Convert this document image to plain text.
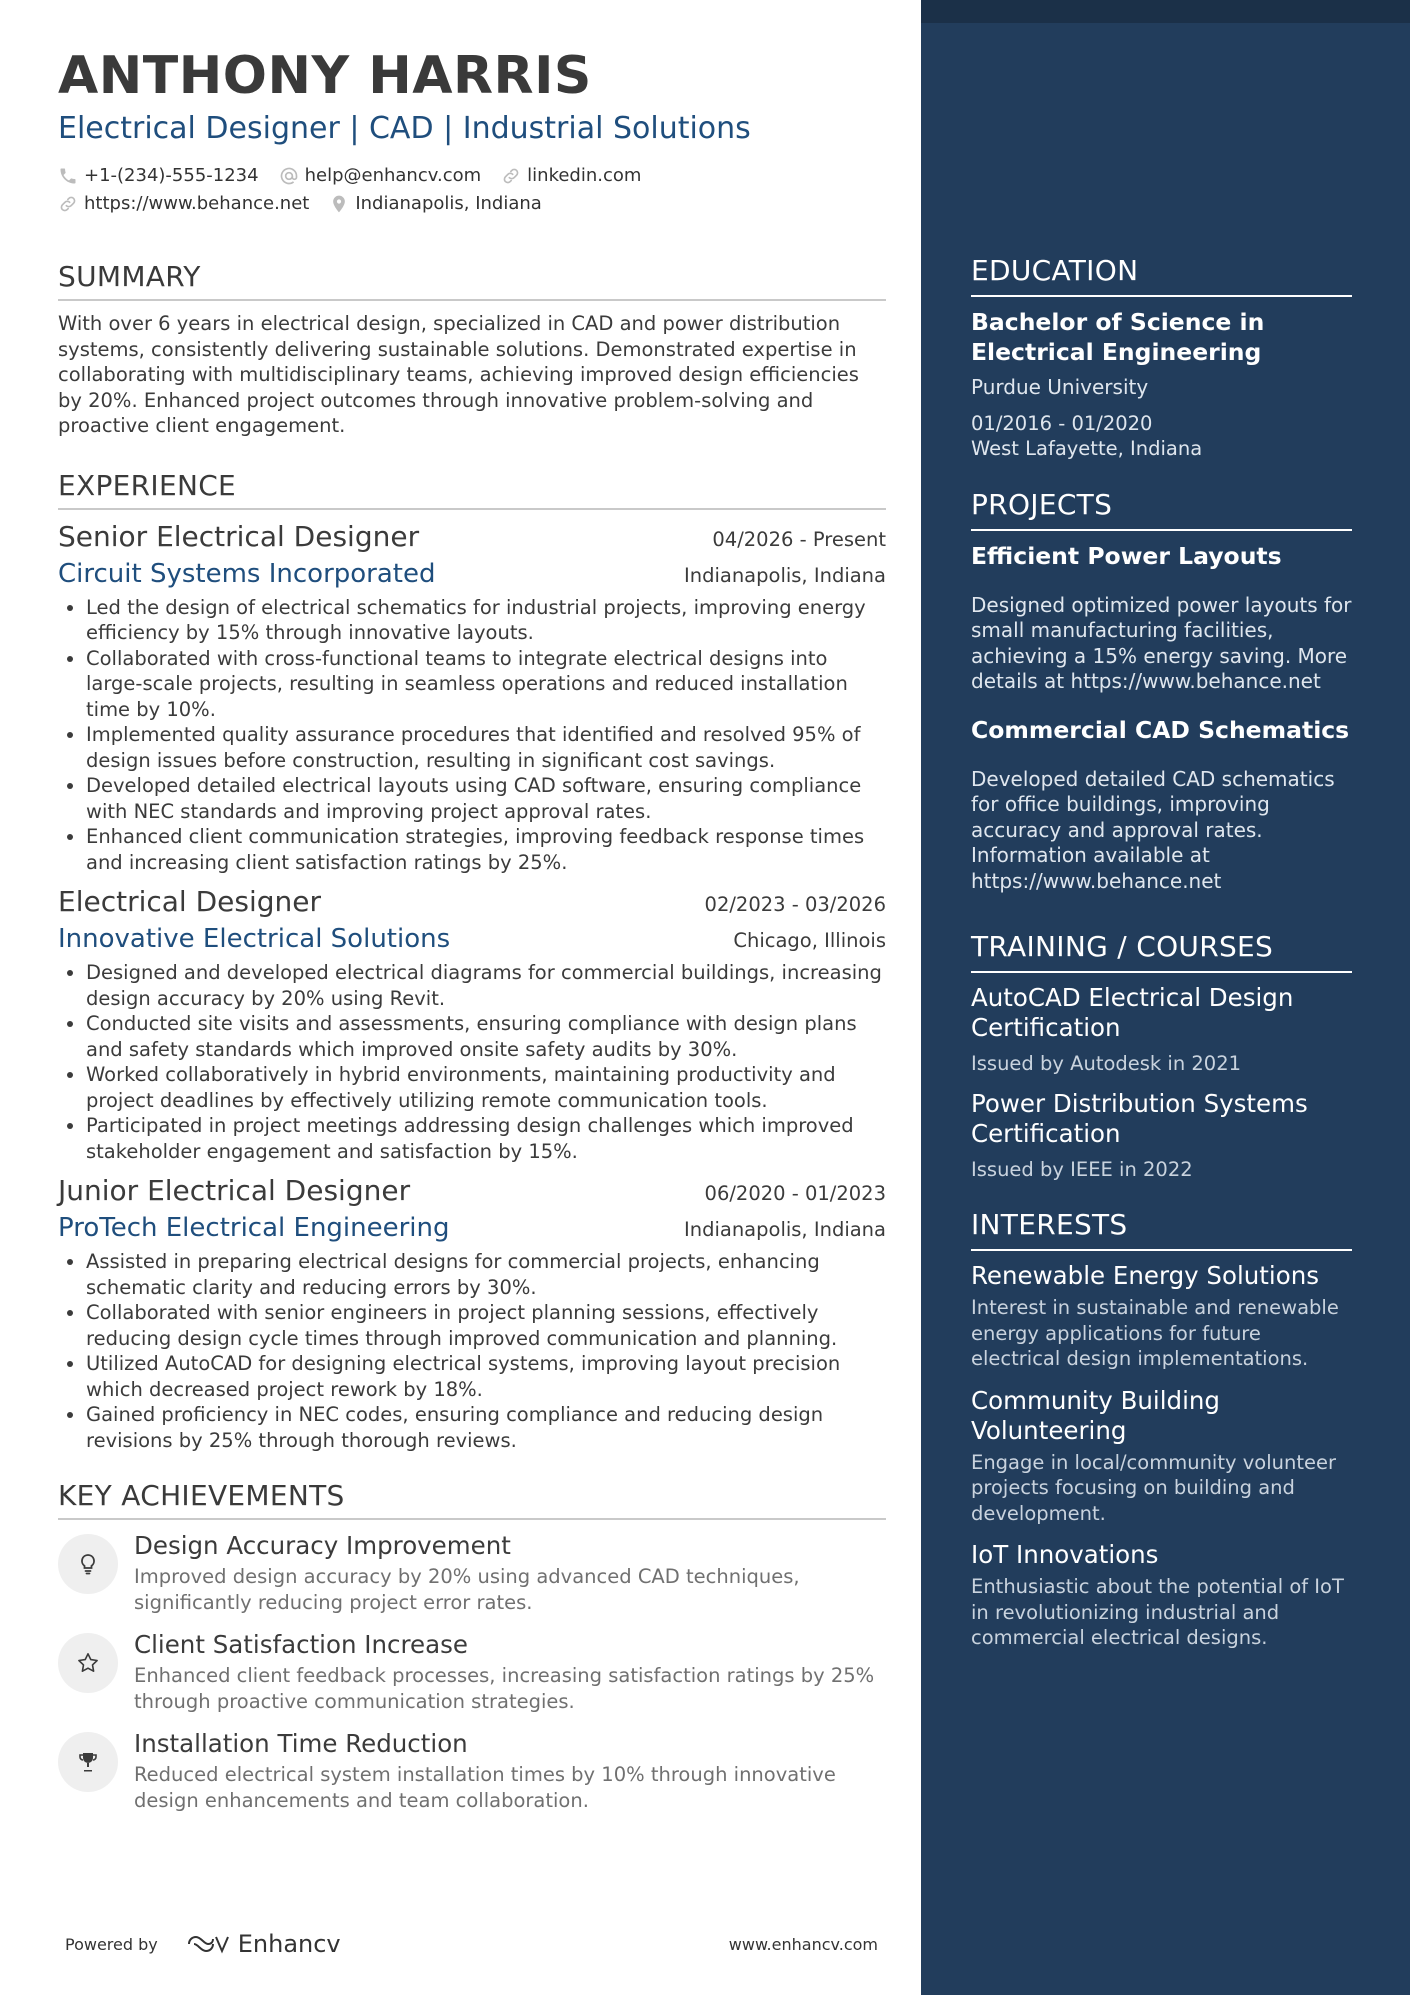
ANTHONY HARRIS
Electrical Designer | CAD | Industrial Solutions
+1-(234)-555-1234	help@enhancv.com	linkedin.com
https://www.behance.net	Indianapolis, Indiana
SUMMARY
With over 6 years in electrical design, specialized in CAD and power distribution systems, consistently delivering sustainable solutions. Demonstrated expertise in collaborating with multidisciplinary teams, achieving improved design efficiencies by 20%. Enhanced project outcomes through innovative problem-solving and proactive client engagement.
EXPERIENCE
Senior Electrical Designer	04/2026 - Present
Circuit Systems Incorporated	Indianapolis, Indiana
• Led the design of electrical schematics for industrial projects, improving energy efficiency by 15% through innovative layouts.
• Collaborated with cross-functional teams to integrate electrical designs into large-scale projects, resulting in seamless operations and reduced installation time by 10%.
• Implemented quality assurance procedures that identified and resolved 95% of design issues before construction, resulting in significant cost savings.
• Developed detailed electrical layouts using CAD software, ensuring compliance with NEC standards and improving project approval rates.
• Enhanced client communication strategies, improving feedback response times and increasing client satisfaction ratings by 25%.
Electrical Designer	02/2023 - 03/2026
Innovative Electrical Solutions	Chicago, Illinois
• Designed and developed electrical diagrams for commercial buildings, increasing design accuracy by 20% using Revit.
• Conducted site visits and assessments, ensuring compliance with design plans and safety standards which improved onsite safety audits by 30%.
• Worked collaboratively in hybrid environments, maintaining productivity and project deadlines by effectively utilizing remote communication tools.
• Participated in project meetings addressing design challenges which improved stakeholder engagement and satisfaction by 15%.
Junior Electrical Designer	06/2020 - 01/2023
ProTech Electrical Engineering	Indianapolis, Indiana
• Assisted in preparing electrical designs for commercial projects, enhancing schematic clarity and reducing errors by 30%.
• Collaborated with senior engineers in project planning sessions, effectively reducing design cycle times through improved communication and planning.
• Utilized AutoCAD for designing electrical systems, improving layout precision which decreased project rework by 18%.
• Gained proficiency in NEC codes, ensuring compliance and reducing design revisions by 25% through thorough reviews.
KEY ACHIEVEMENTS
Design Accuracy Improvement
Improved design accuracy by 20% using advanced CAD techniques, significantly reducing project error rates.
Client Satisfaction Increase
Enhanced client feedback processes, increasing satisfaction ratings by 25% through proactive communication strategies.
Installation Time Reduction
Reduced electrical system installation times by 10% through innovative design enhancements and team collaboration.
Powered by	Enhancv	www.enhancv.com
EDUCATION
Bachelor of Science in Electrical Engineering
Purdue University
01/2016 - 01/2020
West Lafayette, Indiana
PROJECTS
Efficient Power Layouts
Designed optimized power layouts for small manufacturing facilities, achieving a 15% energy saving. More details at https://www.behance.net
Commercial CAD Schematics
Developed detailed CAD schematics for office buildings, improving accuracy and approval rates. Information available at https://www.behance.net
TRAINING / COURSES
AutoCAD Electrical Design Certification
Issued by Autodesk in 2021
Power Distribution Systems Certification
Issued by IEEE in 2022
INTERESTS
Renewable Energy Solutions
Interest in sustainable and renewable energy applications for future electrical design implementations.
Community Building Volunteering
Engage in local/community volunteer projects focusing on building and development.
IoT Innovations
Enthusiastic about the potential of IoT in revolutionizing industrial and commercial electrical designs.
